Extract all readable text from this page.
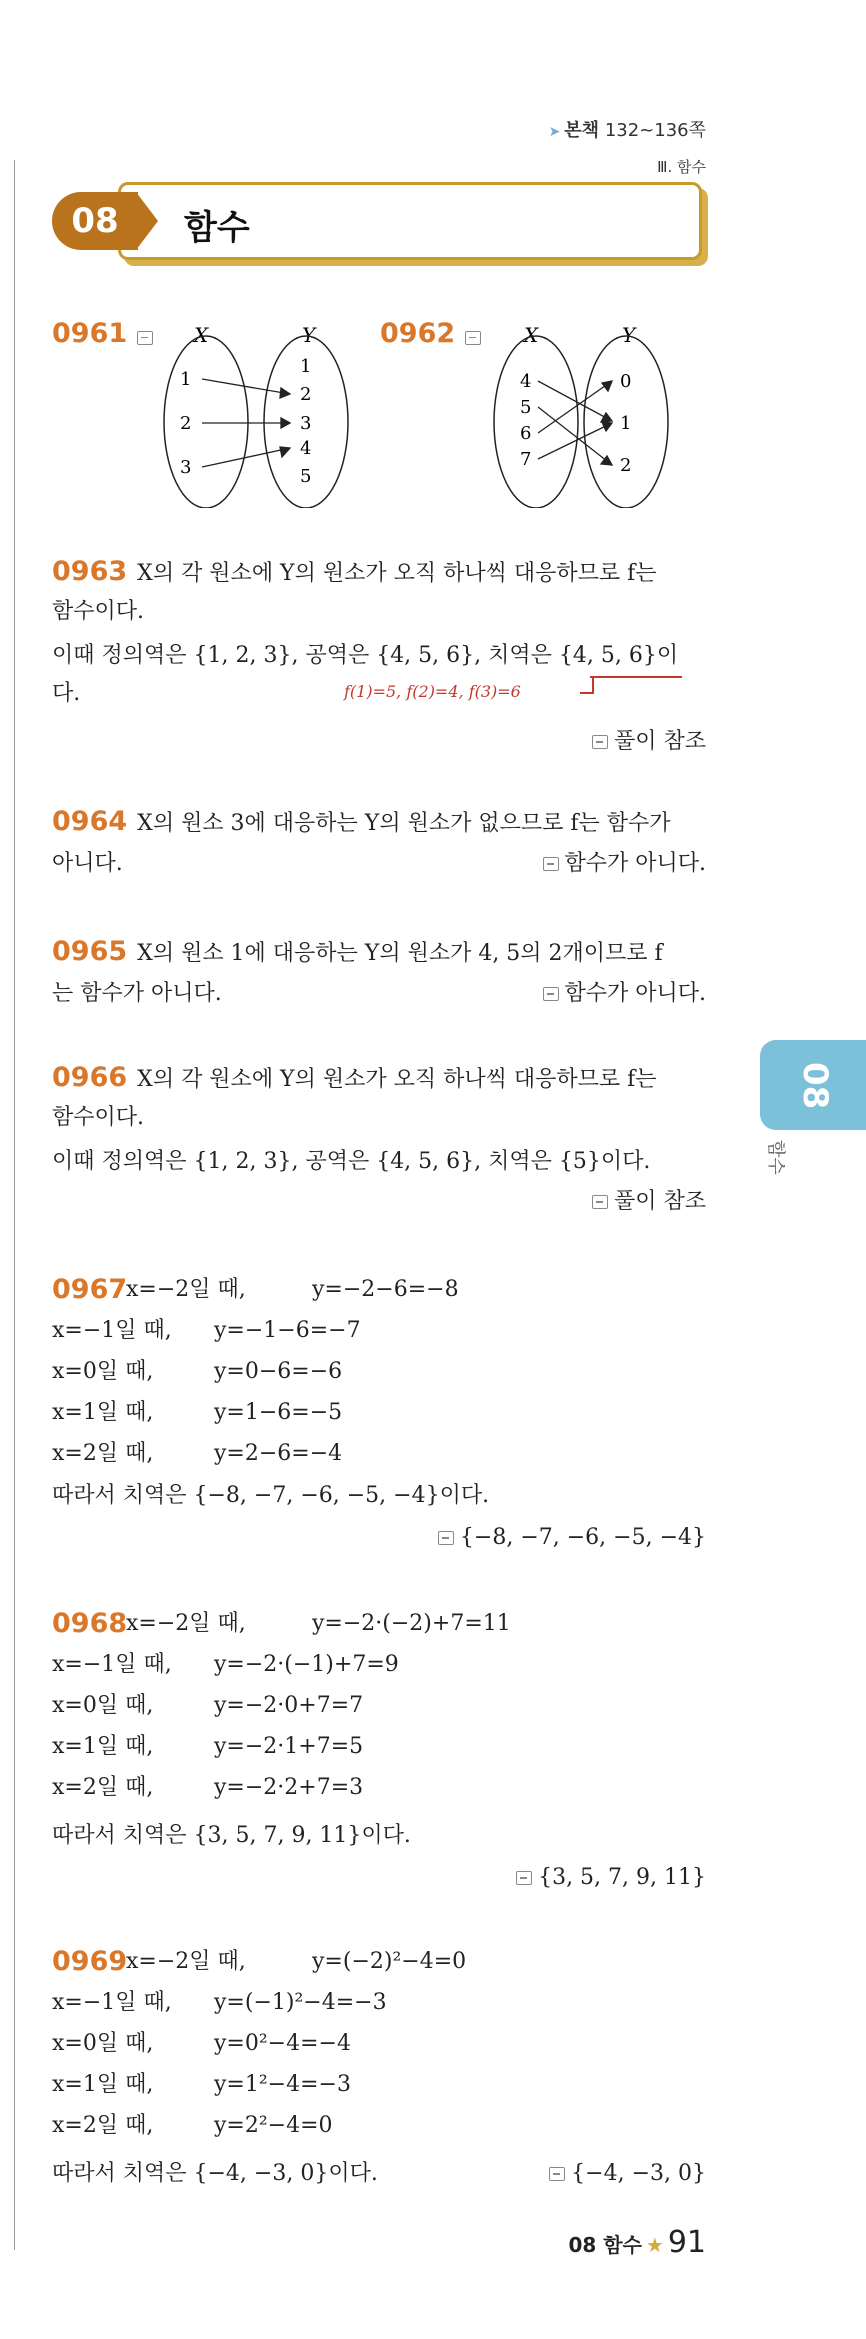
➤ 본책 132~136쪽
Ⅲ. 함수
08	함수
0961	X	Y
1
2
3
1
2
3
4
5
0962	X	Y
4
5
6
7
0
1
2
0963 X의 각 원소에 Y의 원소가 오직 하나씩 대응하므로 f는
함수이다.
이때 정의역은 {1, 2, 3}, 공역은 {4, 5, 6}, 치역은 {4, 5, 6}이
다.	f(1)=5, f(2)=4, f(3)=6
풀이 참조
0964 X의 원소 3에 대응하는 Y의 원소가 없으므로 f는 함수가
아니다.	함수가 아니다.
0965 X의 원소 1에 대응하는 Y의 원소가 4, 5의 2개이므로 f
는 함수가 아니다.	함수가 아니다.
0966 X의 각 원소에 Y의 원소가 오직 하나씩 대응하므로 f는
함수이다.
이때 정의역은 {1, 2, 3}, 공역은 {4, 5, 6}, 치역은 {5}이다.
풀이 참조
0967
x=−2일 때,	y=−2−6=−8
x=−1일 때, y=−1−6=−7
x=0일 때,	y=0−6=−6
x=1일 때,	y=1−6=−5
x=2일 때,	y=2−6=−4
따라서 치역은 {−8, −7, −6, −5, −4}이다.
{−8, −7, −6, −5, −4}
0968
x=−2일 때,	y=−2·(−2)+7=11
x=−1일 때, y=−2·(−1)+7=9
x=0일 때,	y=−2·0+7=7
x=1일 때,	y=−2·1+7=5
x=2일 때,	y=−2·2+7=3
따라서 치역은 {3, 5, 7, 9, 11}이다.
{3, 5, 7, 9, 11}
0969
x=−2일 때,	y=(−2)²−4=0
x=−1일 때, y=(−1)²−4=−3
x=0일 때,	y=0²−4=−4
x=1일 때,	y=1²−4=−3
x=2일 때,	y=2²−4=0
따라서 치역은 {−4, −3, 0}이다.	{−4, −3, 0}
08
함수
08 함수 ★ 91
